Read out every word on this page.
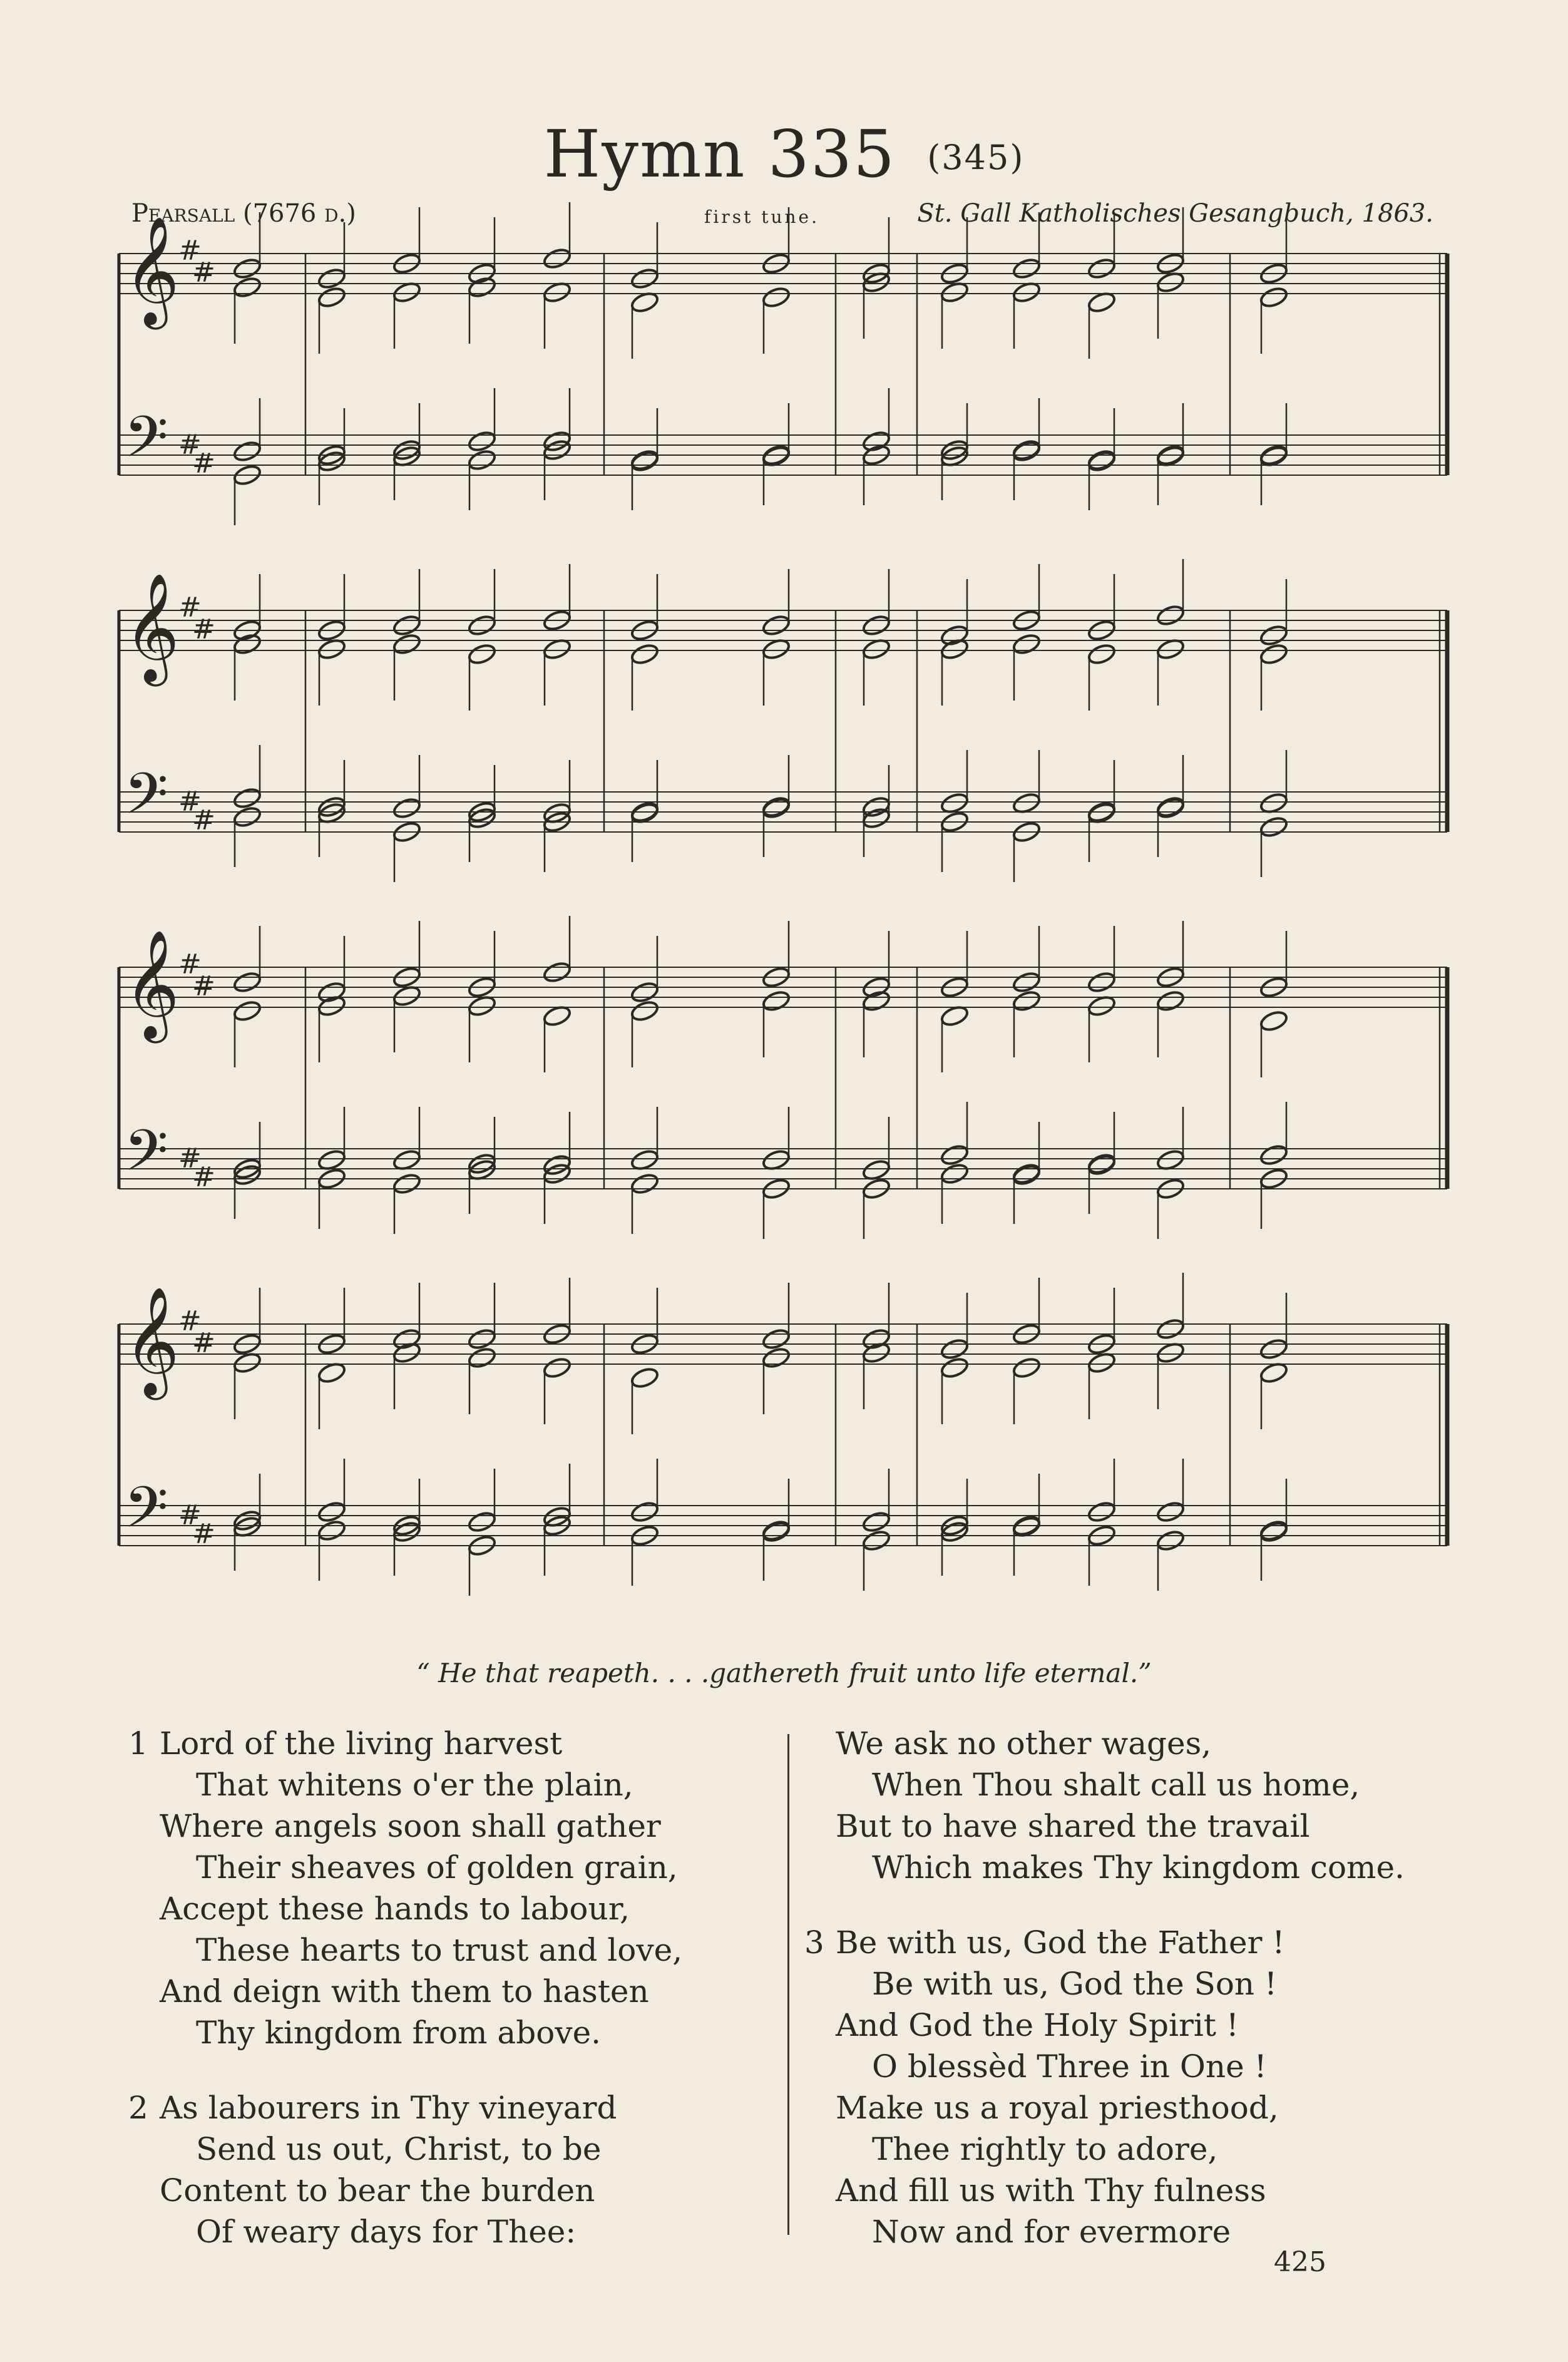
Hymn 335 (345)
Pearsall (7676 d.)	first tune.	St. Gall Katholisches Gesangbuch, 1863.
𝄞
#
#
𝄢 #
#
𝄞
#
#
𝄢 #
#
𝄞
#
#
𝄢 #
#
𝄞
#
#
𝄢 #
#
“ He that reapeth. . . .gathereth fruit unto life eternal.”
1 Lord of the living harvest
That whitens o'er the plain,
Where angels soon shall gather
Their sheaves of golden grain,
Accept these hands to labour,
These hearts to trust and love,
And deign with them to hasten
Thy kingdom from above.
2 As labourers in Thy vineyard
Send us out, Christ, to be
Content to bear the burden
Of weary days for Thee:
We ask no other wages,
When Thou shalt call us home,
But to have shared the travail
Which makes Thy kingdom come.
3 Be with us, God the Father !
Be with us, God the Son !
And God the Holy Spirit !
O blessèd Three in One !
Make us a royal priesthood,
Thee rightly to adore,
And fill us with Thy fulness
Now and for evermore
425
